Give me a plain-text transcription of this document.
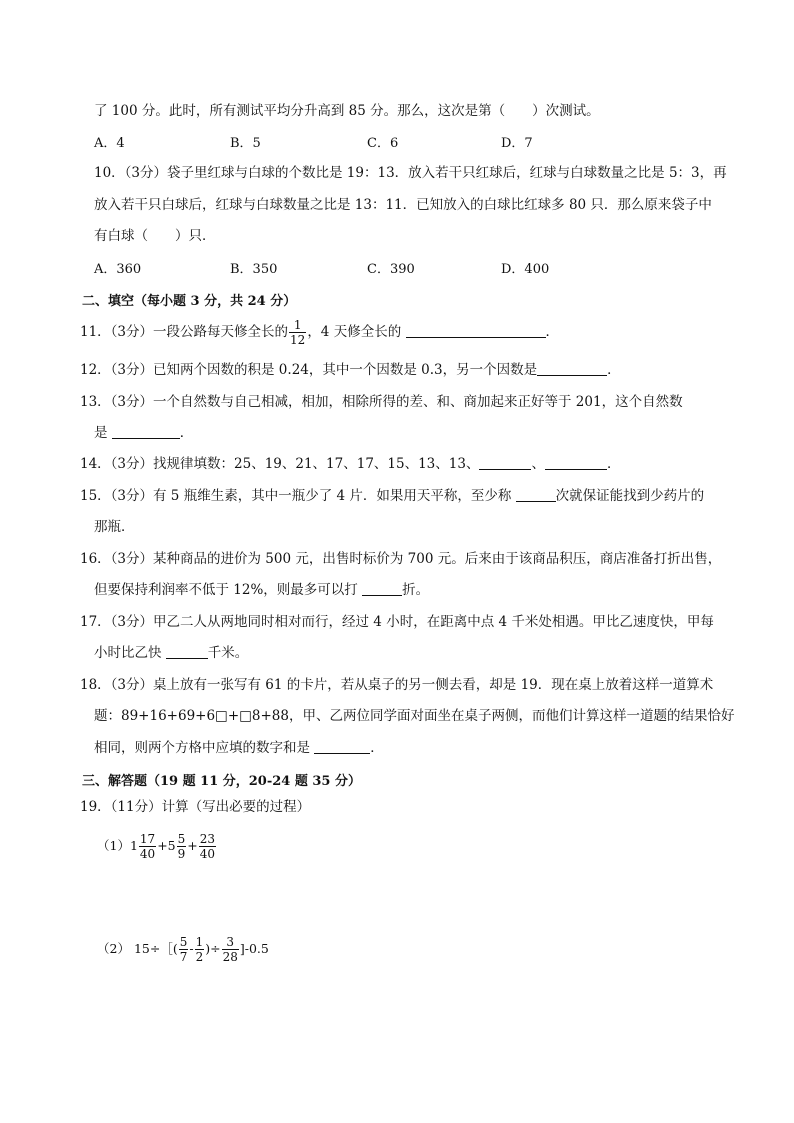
了 100 分。此时，所有测试平均分升高到 85 分。那么，这次是第（　　）次测试。
A．4	B．5	C．6	D．7
10．（3分）袋子里红球与白球的个数比是 19：13．放入若干只红球后，红球与白球数量之比是 5：3，再
放入若干只白球后，红球与白球数量之比是 13：11．已知放入的白球比红球多 80 只．那么原来袋子中
有白球（　　）只．
A．360	B．350	C．390	D．400
二、填空（每小题 3 分，共 24 分）
11．（3分）一段公路每天修全长的 $\frac{1}{12}$ ，4 天修全长的	．
12．（3分）已知两个因数的积是 0.24，其中一个因数是 0.3，另一个因数是	．
13．（3分）一个自然数与自己相减，相加，相除所得的差、和、商加起来正好等于 201，这个自然数
是	．
14．（3分）找规律填数：25、19、21、17、17、15、13、13、	、	．
15．（3分）有 5 瓶维生素，其中一瓶少了 4 片．如果用天平称，至少称	次就保证能找到少药片的
那瓶．
16．（3分）某种商品的进价为 500 元，出售时标价为 700 元。后来由于该商品积压，商店准备打折出售，
但要保持利润率不低于 12%，则最多可以打	折。
17．（3分）甲乙二人从两地同时相对而行，经过 4 小时，在距离中点 4 千米处相遇。甲比乙速度快，甲每
小时比乙快	千米。
18．（3分）桌上放有一张写有 61 的卡片，若从桌子的另一侧去看，却是 19．现在桌上放着这样一道算术
题：89+16+69+6□+□8+88，甲、乙两位同学面对面坐在桌子两侧，而他们计算这样一道题的结果恰好
相同，则两个方格中应填的数字和是	．
三、解答题（19 题 11 分，20-24 题 35 分）
19．（11分）计算（写出必要的过程）
$(1)1 \frac{17}{40} +5 \frac{5}{9} + \frac{23}{40}$
（2） 15÷［( $\frac{5}{7} - \frac{1}{2}$ )÷ $\frac{3}{28} ]-0.5$
